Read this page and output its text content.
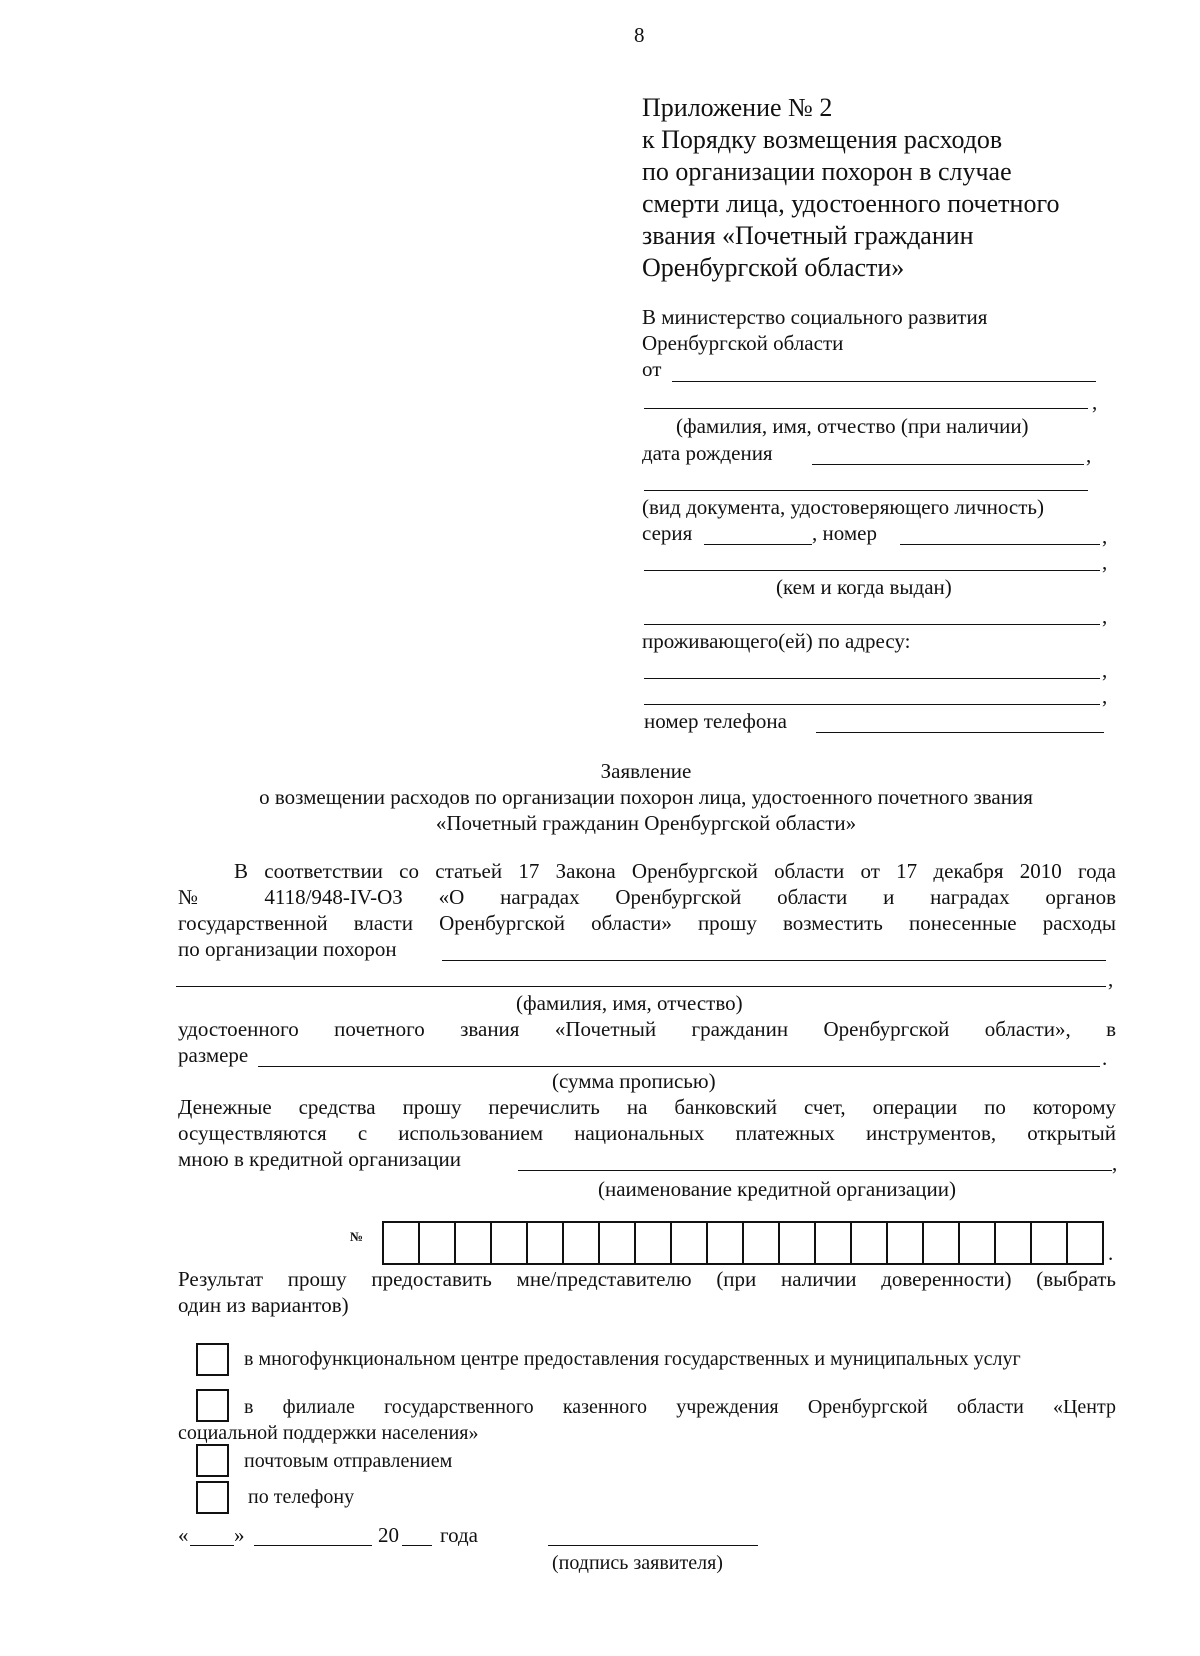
8
Приложение № 2
к Порядку возмещения расходов
по организации похорон в случае
смерти лица, удостоенного почетного
звания «Почетный гражданин
Оренбургской области»
В министерство социального развития
Оренбургской области
от
,
(фамилия, имя, отчество (при наличии)
дата рождения	,
(вид документа, удостоверяющего личность)
серия	, номер	,
,
(кем и когда выдан)
,
проживающего(ей) по адресу:
,
,
номер телефона
Заявление
о возмещении расходов по организации похорон лица, удостоенного почетного звания
«Почетный гражданин Оренбургской области»
В соответствии со статьей 17 Закона Оренбургской области от 17 декабря 2010 года
№ 4118/948-IV-ОЗ «О наградах Оренбургской области и наградах органов
государственной власти Оренбургской области» прошу возместить понесенные расходы
по организации похорон
,
(фамилия, имя, отчество)
удостоенного почетного звания «Почетный гражданин Оренбургской области», в
размере	.
(сумма прописью)
Денежные средства прошу перечислить на банковский счет, операции по которому
осуществляются с использованием национальных платежных инструментов, открытый
мною в кредитной организации	,
(наименование кредитной организации)
№
.
Результат прошу предоставить мне/представителю (при наличии доверенности) (выбрать
один из вариантов)
в многофункциональном центре предоставления государственных и муниципальных услуг
в филиале государственного казенного учреждения Оренбургской области «Центр
социальной поддержки населения»
почтовым отправлением
по телефону
« »	20 года
(подпись заявителя)
